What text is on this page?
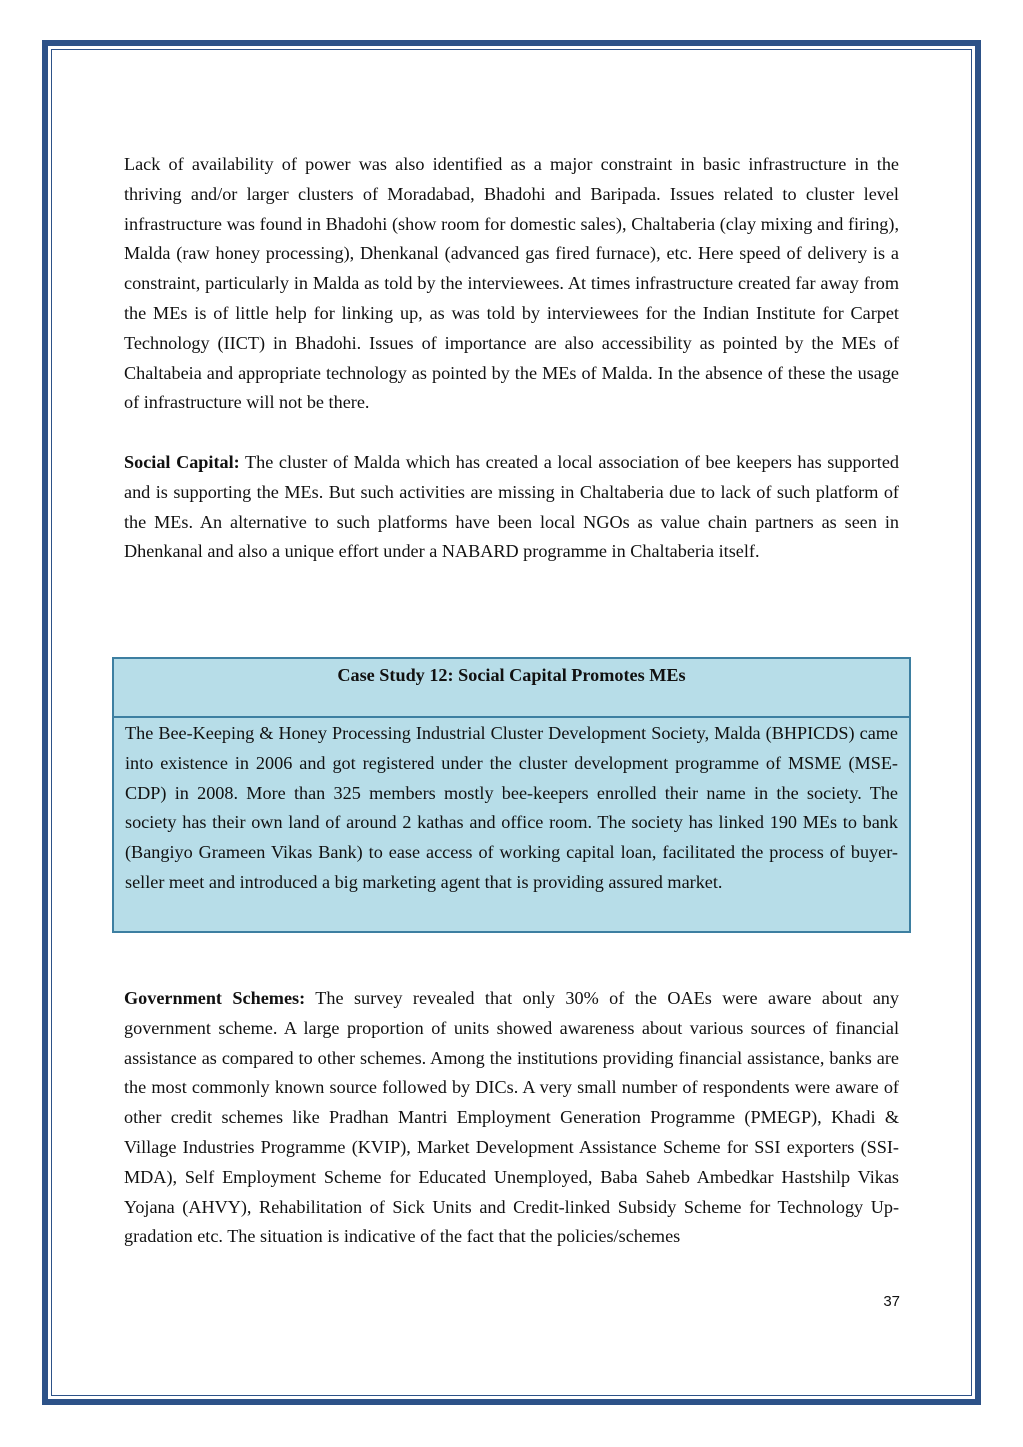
Lack of availability of power was also identified as a major constraint in basic infrastructure in the thriving and/or larger clusters of Moradabad, Bhadohi and Baripada. Issues related to cluster level infrastructure was found in Bhadohi (show room for domestic sales), Chaltaberia (clay mixing and firing), Malda (raw honey processing), Dhenkanal (advanced gas fired furnace), etc. Here speed of delivery is a constraint, particularly in Malda as told by the interviewees. At times infrastructure created far away from the MEs is of little help for linking up, as was told by interviewees for the Indian Institute for Carpet Technology (IICT) in Bhadohi. Issues of importance are also accessibility as pointed by the MEs of Chaltabeia and appropriate technology as pointed by the MEs of Malda. In the absence of these the usage of infrastructure will not be there.

Social Capital: The cluster of Malda which has created a local association of bee keepers has supported and is supporting the MEs. But such activities are missing in Chaltaberia due to lack of such platform of the MEs. An alternative to such platforms have been local NGOs as value chain partners as seen in Dhenkanal and also a unique effort under a NABARD programme in Chaltaberia itself.

Case Study 12: Social Capital Promotes MEs

The Bee-Keeping & Honey Processing Industrial Cluster Development Society, Malda (BHPICDS) came into existence in 2006 and got registered under the cluster development programme of MSME (MSE-CDP) in 2008. More than 325 members mostly bee-keepers enrolled their name in the society. The society has their own land of around 2 kathas and office room. The society has linked 190 MEs to bank (Bangiyo Grameen Vikas Bank) to ease access of working capital loan, facilitated the process of buyer-seller meet and introduced a big marketing agent that is providing assured market.

Government Schemes: The survey revealed that only 30% of the OAEs were aware about any government scheme. A large proportion of units showed awareness about various sources of financial assistance as compared to other schemes. Among the institutions providing financial assistance, banks are the most commonly known source followed by DICs. A very small number of respondents were aware of other credit schemes like Pradhan Mantri Employment Generation Programme (PMEGP), Khadi & Village Industries Programme (KVIP), Market Development Assistance Scheme for SSI exporters (SSI-MDA), Self Employment Scheme for Educated Unemployed, Baba Saheb Ambedkar Hastshilp Vikas Yojana (AHVY), Rehabilitation of Sick Units and Credit-linked Subsidy Scheme for Technology Up-gradation etc. The situation is indicative of the fact that the policies/schemes

37
